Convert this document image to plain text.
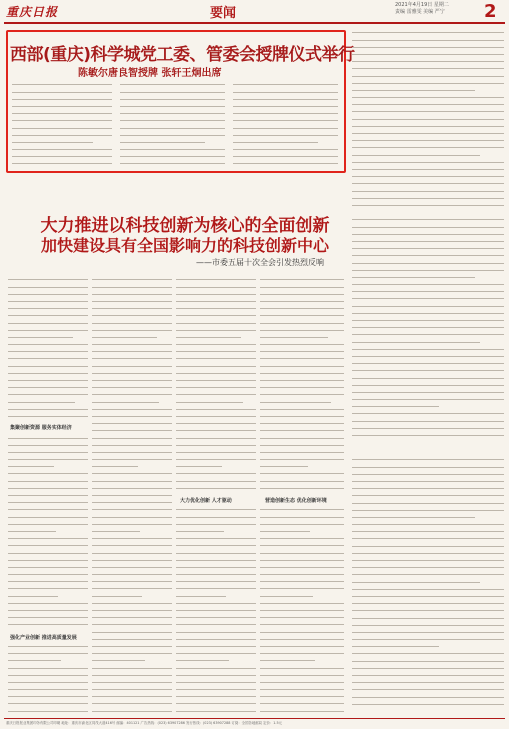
重庆日报	要闻
2021年4月19日 星期二
责编 雷雅雯 美编 严宁 2
西部(重庆)科学城党工委、管委会授牌仪式举行
陈敏尔唐良智授牌 张轩王炯出席
大力推进以科技创新为核心的全面创新
加快建设具有全国影响力的科技创新中心
——市委五届十次全会引发热烈反响
集聚创新资源 服务实体经济
强化产业创新 推进高质量发展
大力优化创新 人才驱动	营造创新生态 优化创新环境
重庆日报报业集团印务有限公司印刷 地址：重庆市渝北区同茂大道416号 邮编：401121 广告热线：(023) 63907286 发行热线：(023) 63907288 订阅：全国各地邮局 定价：1.5元
